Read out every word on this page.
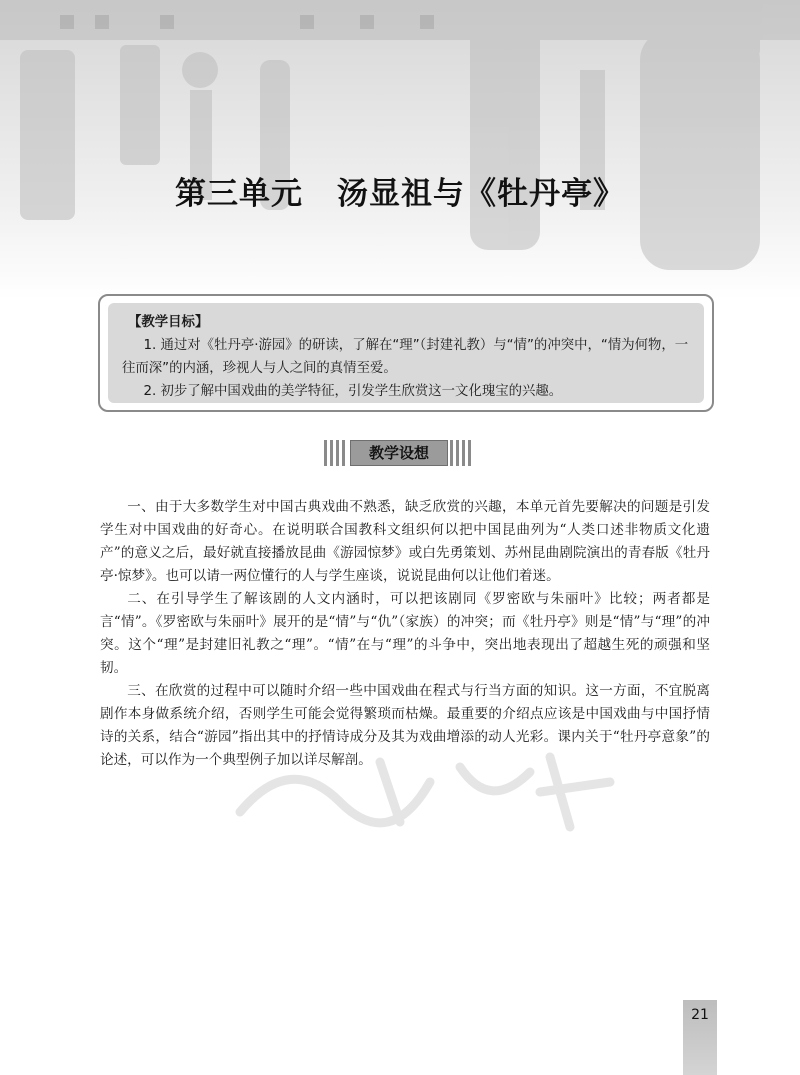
第三单元 汤显祖与《牡丹亭》
【教学目标】
1. 通过对《牡丹亭·游园》的研读，了解在“理”（封建礼教）与“情”的冲突中，“情为何物，一往而深”的内涵，珍视人与人之间的真情至爱。
2. 初步了解中国戏曲的美学特征，引发学生欣赏这一文化瑰宝的兴趣。
教学设想

一、由于大多数学生对中国古典戏曲不熟悉，缺乏欣赏的兴趣，本单元首先要解决的问题是引发学生对中国戏曲的好奇心。在说明联合国教科文组织何以把中国昆曲列为“人类口述非物质文化遗产”的意义之后，最好就直接播放昆曲《游园惊梦》或白先勇策划、苏州昆曲剧院演出的青春版《牡丹亭·惊梦》。也可以请一两位懂行的人与学生座谈，说说昆曲何以让他们着迷。

二、在引导学生了解该剧的人文内涵时，可以把该剧同《罗密欧与朱丽叶》比较；两者都是言“情”。《罗密欧与朱丽叶》展开的是“情”与“仇”（家族）的冲突；而《牡丹亭》则是“情”与“理”的冲突。这个“理”是封建旧礼教之“理”。“情”在与“理”的斗争中，突出地表现出了超越生死的顽强和坚韧。

三、在欣赏的过程中可以随时介绍一些中国戏曲在程式与行当方面的知识。这一方面，不宜脱离剧作本身做系统介绍，否则学生可能会觉得繁琐而枯燥。最重要的介绍点应该是中国戏曲与中国抒情诗的关系，结合“游园”指出其中的抒情诗成分及其为戏曲增添的动人光彩。课内关于“牡丹亭意象”的论述，可以作为一个典型例子加以详尽解剖。

21
